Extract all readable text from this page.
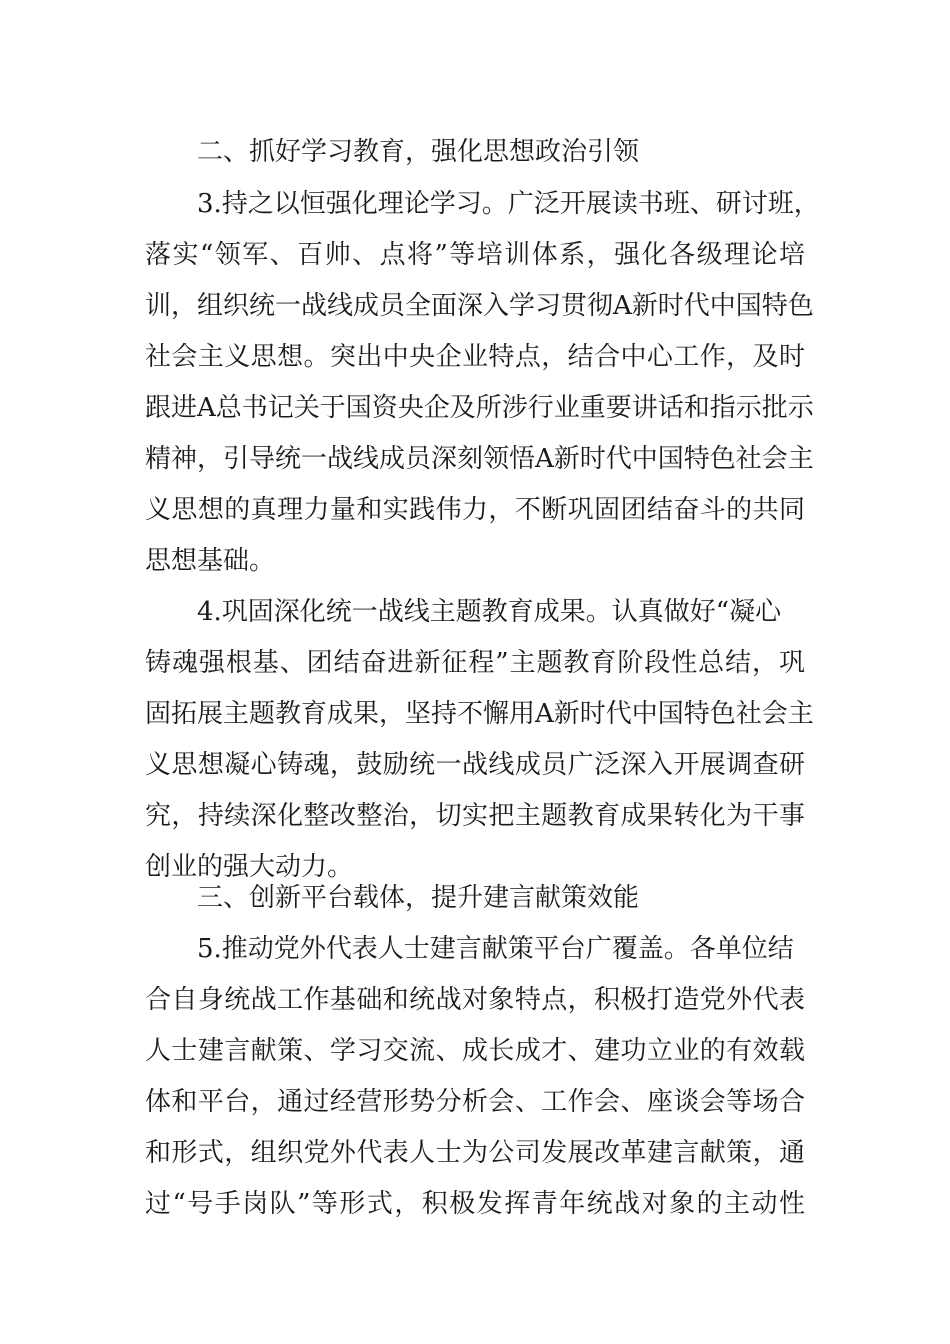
二、抓好学习教育，强化思想政治引领
3.持之以恒强化理论学习。广泛开展读书班、研讨班，
落实“领军、百帅、点将”等培训体系，强化各级理论培
训，组织统一战线成员全面深入学习贯彻A新时代中国特色
社会主义思想。突出中央企业特点，结合中心工作，及时
跟进A总书记关于国资央企及所涉行业重要讲话和指示批示
精神，引导统一战线成员深刻领悟A新时代中国特色社会主
义思想的真理力量和实践伟力，不断巩固团结奋斗的共同
思想基础。
4.巩固深化统一战线主题教育成果。认真做好“凝心
铸魂强根基、团结奋进新征程”主题教育阶段性总结，巩
固拓展主题教育成果，坚持不懈用A新时代中国特色社会主
义思想凝心铸魂，鼓励统一战线成员广泛深入开展调查研
究，持续深化整改整治，切实把主题教育成果转化为干事
创业的强大动力。
三、创新平台载体，提升建言献策效能
5.推动党外代表人士建言献策平台广覆盖。各单位结
合自身统战工作基础和统战对象特点，积极打造党外代表
人士建言献策、学习交流、成长成才、建功立业的有效载
体和平台，通过经营形势分析会、工作会、座谈会等场合
和形式，组织党外代表人士为公司发展改革建言献策，通
过“号手岗队”等形式，积极发挥青年统战对象的主动性
